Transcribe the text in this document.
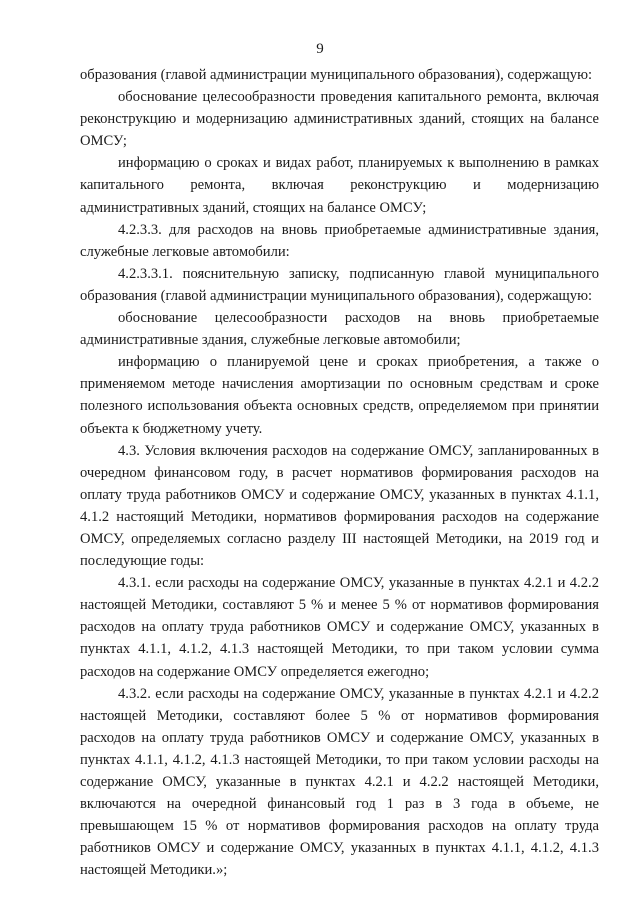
9

образования (главой администрации муниципального образования), содержащую:

обоснование целесообразности проведения капитального ремонта, включая реконструкцию и модернизацию административных зданий, стоящих на балансе ОМСУ;

информацию о сроках и видах работ, планируемых к выполнению в рамках капитального ремонта, включая реконструкцию и модернизацию административных зданий, стоящих на балансе ОМСУ;

4.2.3.3. для расходов на вновь приобретаемые административные здания, служебные легковые автомобили:

4.2.3.3.1. пояснительную записку, подписанную главой муниципального образования (главой администрации муниципального образования), содержащую:

обоснование целесообразности расходов на вновь приобретаемые административные здания, служебные легковые автомобили;

информацию о планируемой цене и сроках приобретения, а также о применяемом методе начисления амортизации по основным средствам и сроке полезного использования объекта основных средств, определяемом при принятии объекта к бюджетному учету.

4.3. Условия включения расходов на содержание ОМСУ, запланированных в очередном финансовом году, в расчет нормативов формирования расходов на оплату труда работников ОМСУ и содержание ОМСУ, указанных в пунктах 4.1.1, 4.1.2 настоящий Методики, нормативов формирования расходов на содержание ОМСУ, определяемых согласно разделу III настоящей Методики, на 2019 год и последующие годы:

4.3.1. если расходы на содержание ОМСУ, указанные в пунктах 4.2.1 и 4.2.2 настоящей Методики, составляют 5 % и менее 5 % от нормативов формирования расходов на оплату труда работников ОМСУ и содержание ОМСУ, указанных в пунктах 4.1.1, 4.1.2, 4.1.3 настоящей Методики, то при таком условии сумма расходов на содержание ОМСУ определяется ежегодно;

4.3.2. если расходы на содержание ОМСУ, указанные в пунктах 4.2.1 и 4.2.2 настоящей Методики, составляют более 5 % от нормативов формирования расходов на оплату труда работников ОМСУ и содержание ОМСУ, указанных в пунктах 4.1.1, 4.1.2, 4.1.3 настоящей Методики, то при таком условии расходы на содержание ОМСУ, указанные в пунктах 4.2.1 и 4.2.2 настоящей Методики, включаются на очередной финансовый год 1 раз в 3 года в объеме, не превышающем 15 % от нормативов формирования расходов на оплату труда работников ОМСУ и содержание ОМСУ, указанных в пунктах 4.1.1, 4.1.2, 4.1.3 настоящей Методики.»;
